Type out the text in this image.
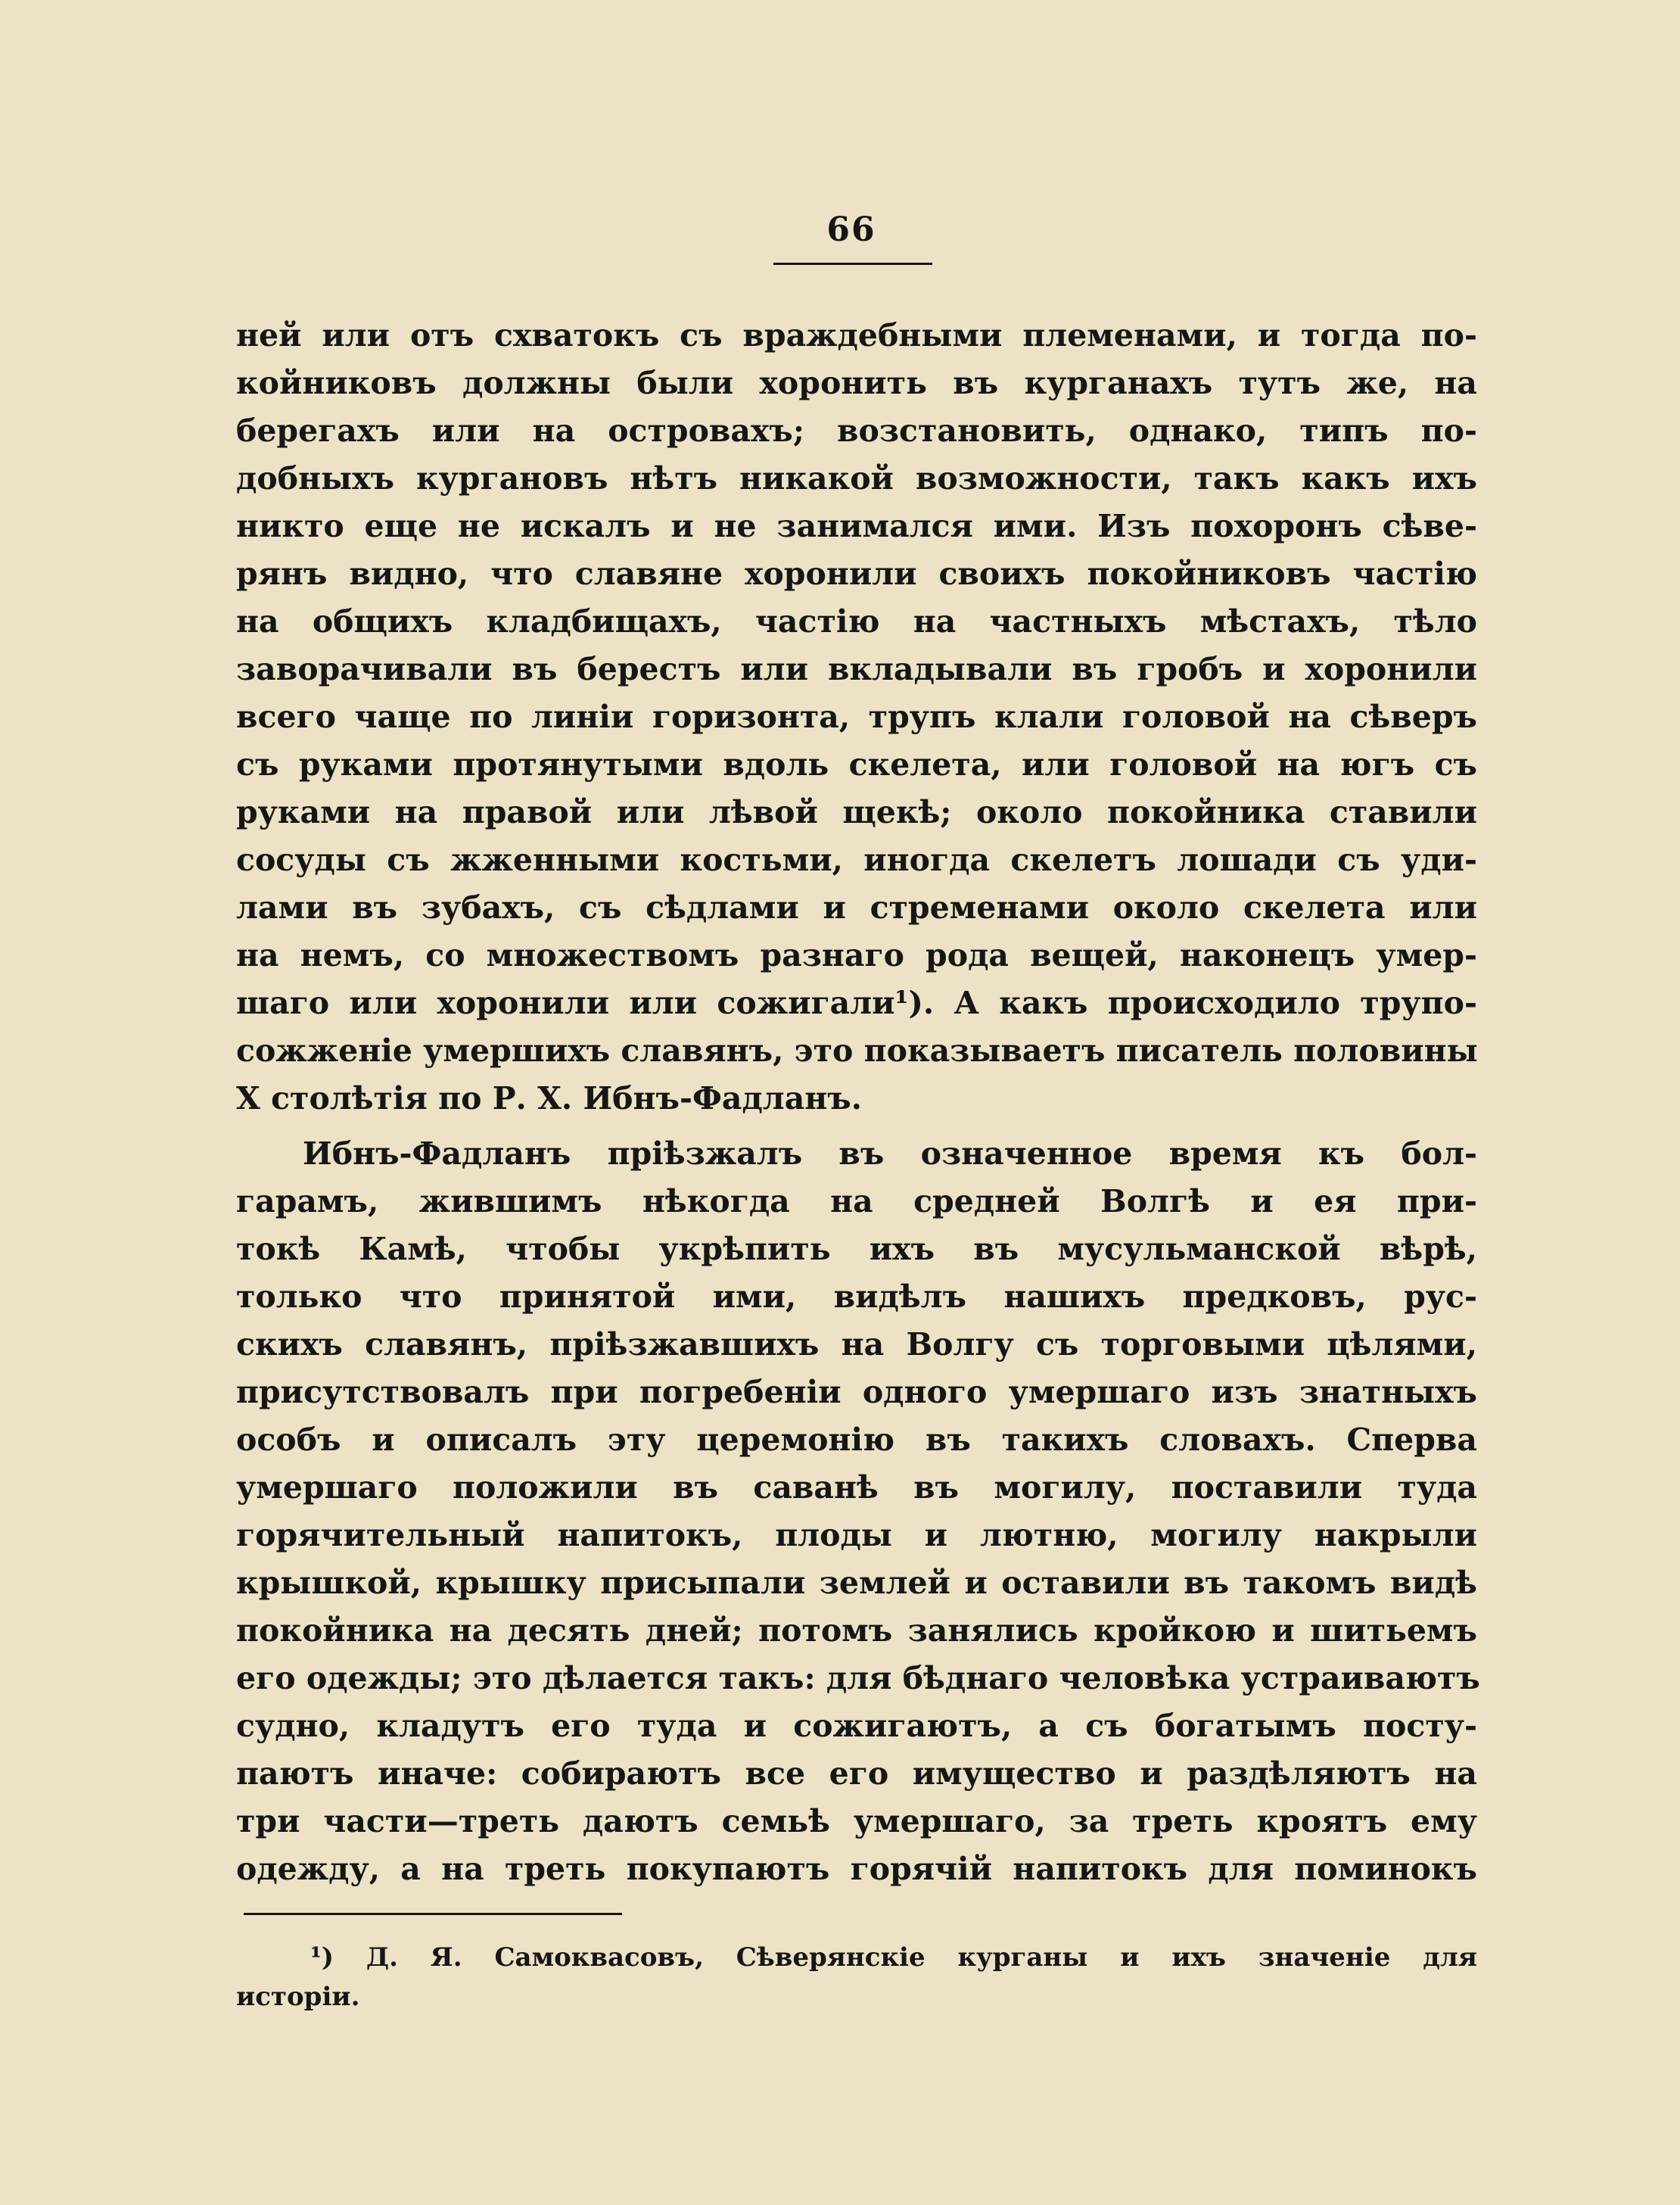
66
ней или отъ схватокъ съ враждебными племенами, и тогда по-
койниковъ должны были хоронить въ курганахъ тутъ же, на
берегахъ или на островахъ; возстановить, однако, типъ по-
добныхъ кургановъ нѣтъ никакой возможности, такъ какъ ихъ
никто еще не искалъ и не занимался ими. Изъ похоронъ сѣве-
рянъ видно, что славяне хоронили своихъ покойниковъ частію
на общихъ кладбищахъ, частію на частныхъ мѣстахъ, тѣло
заворачивали въ берестъ или вкладывали въ гробъ и хоронили
всего чаще по линіи горизонта, трупъ клали головой на сѣверъ
съ руками протянутыми вдоль скелета, или головой на югъ съ
руками на правой или лѣвой щекѣ; около покойника ставили
сосуды съ жженными костьми, иногда скелетъ лошади съ уди-
лами въ зубахъ, съ сѣдлами и стременами около скелета или
на немъ, со множествомъ разнаго рода вещей, наконецъ умер-
шаго или хоронили или сожигали¹). А какъ происходило трупо-
сожженіе умершихъ славянъ, это показываетъ писатель половины
X столѣтія по Р. Х. Ибнъ-Фадланъ.
Ибнъ-Фадланъ пріѣзжалъ въ означенное время къ бол-
гарамъ, жившимъ нѣкогда на средней Волгѣ и ея при-
токѣ Камѣ, чтобы укрѣпить ихъ въ мусульманской вѣрѣ,
только что принятой ими, видѣлъ нашихъ предковъ, рус-
скихъ славянъ, пріѣзжавшихъ на Волгу съ торговыми цѣлями,
присутствовалъ при погребеніи одного умершаго изъ знатныхъ
особъ и описалъ эту церемонію въ такихъ словахъ. Сперва
умершаго положили въ саванѣ въ могилу, поставили туда
горячительный напитокъ, плоды и лютню, могилу накрыли
крышкой, крышку присыпали землей и оставили въ такомъ видѣ
покойника на десять дней; потомъ занялись кройкою и шитьемъ
его одежды; это дѣлается такъ: для бѣднаго человѣка устраиваютъ
судно, кладутъ его туда и сожигаютъ, а съ богатымъ посту-
паютъ иначе: собираютъ все его имущество и раздѣляютъ на
три части—треть даютъ семьѣ умершаго, за треть кроятъ ему
одежду, а на треть покупаютъ горячій напитокъ для поминокъ
¹) Д. Я. Самоквасовъ, Сѣверянскіе курганы и ихъ значеніе для
исторіи.
